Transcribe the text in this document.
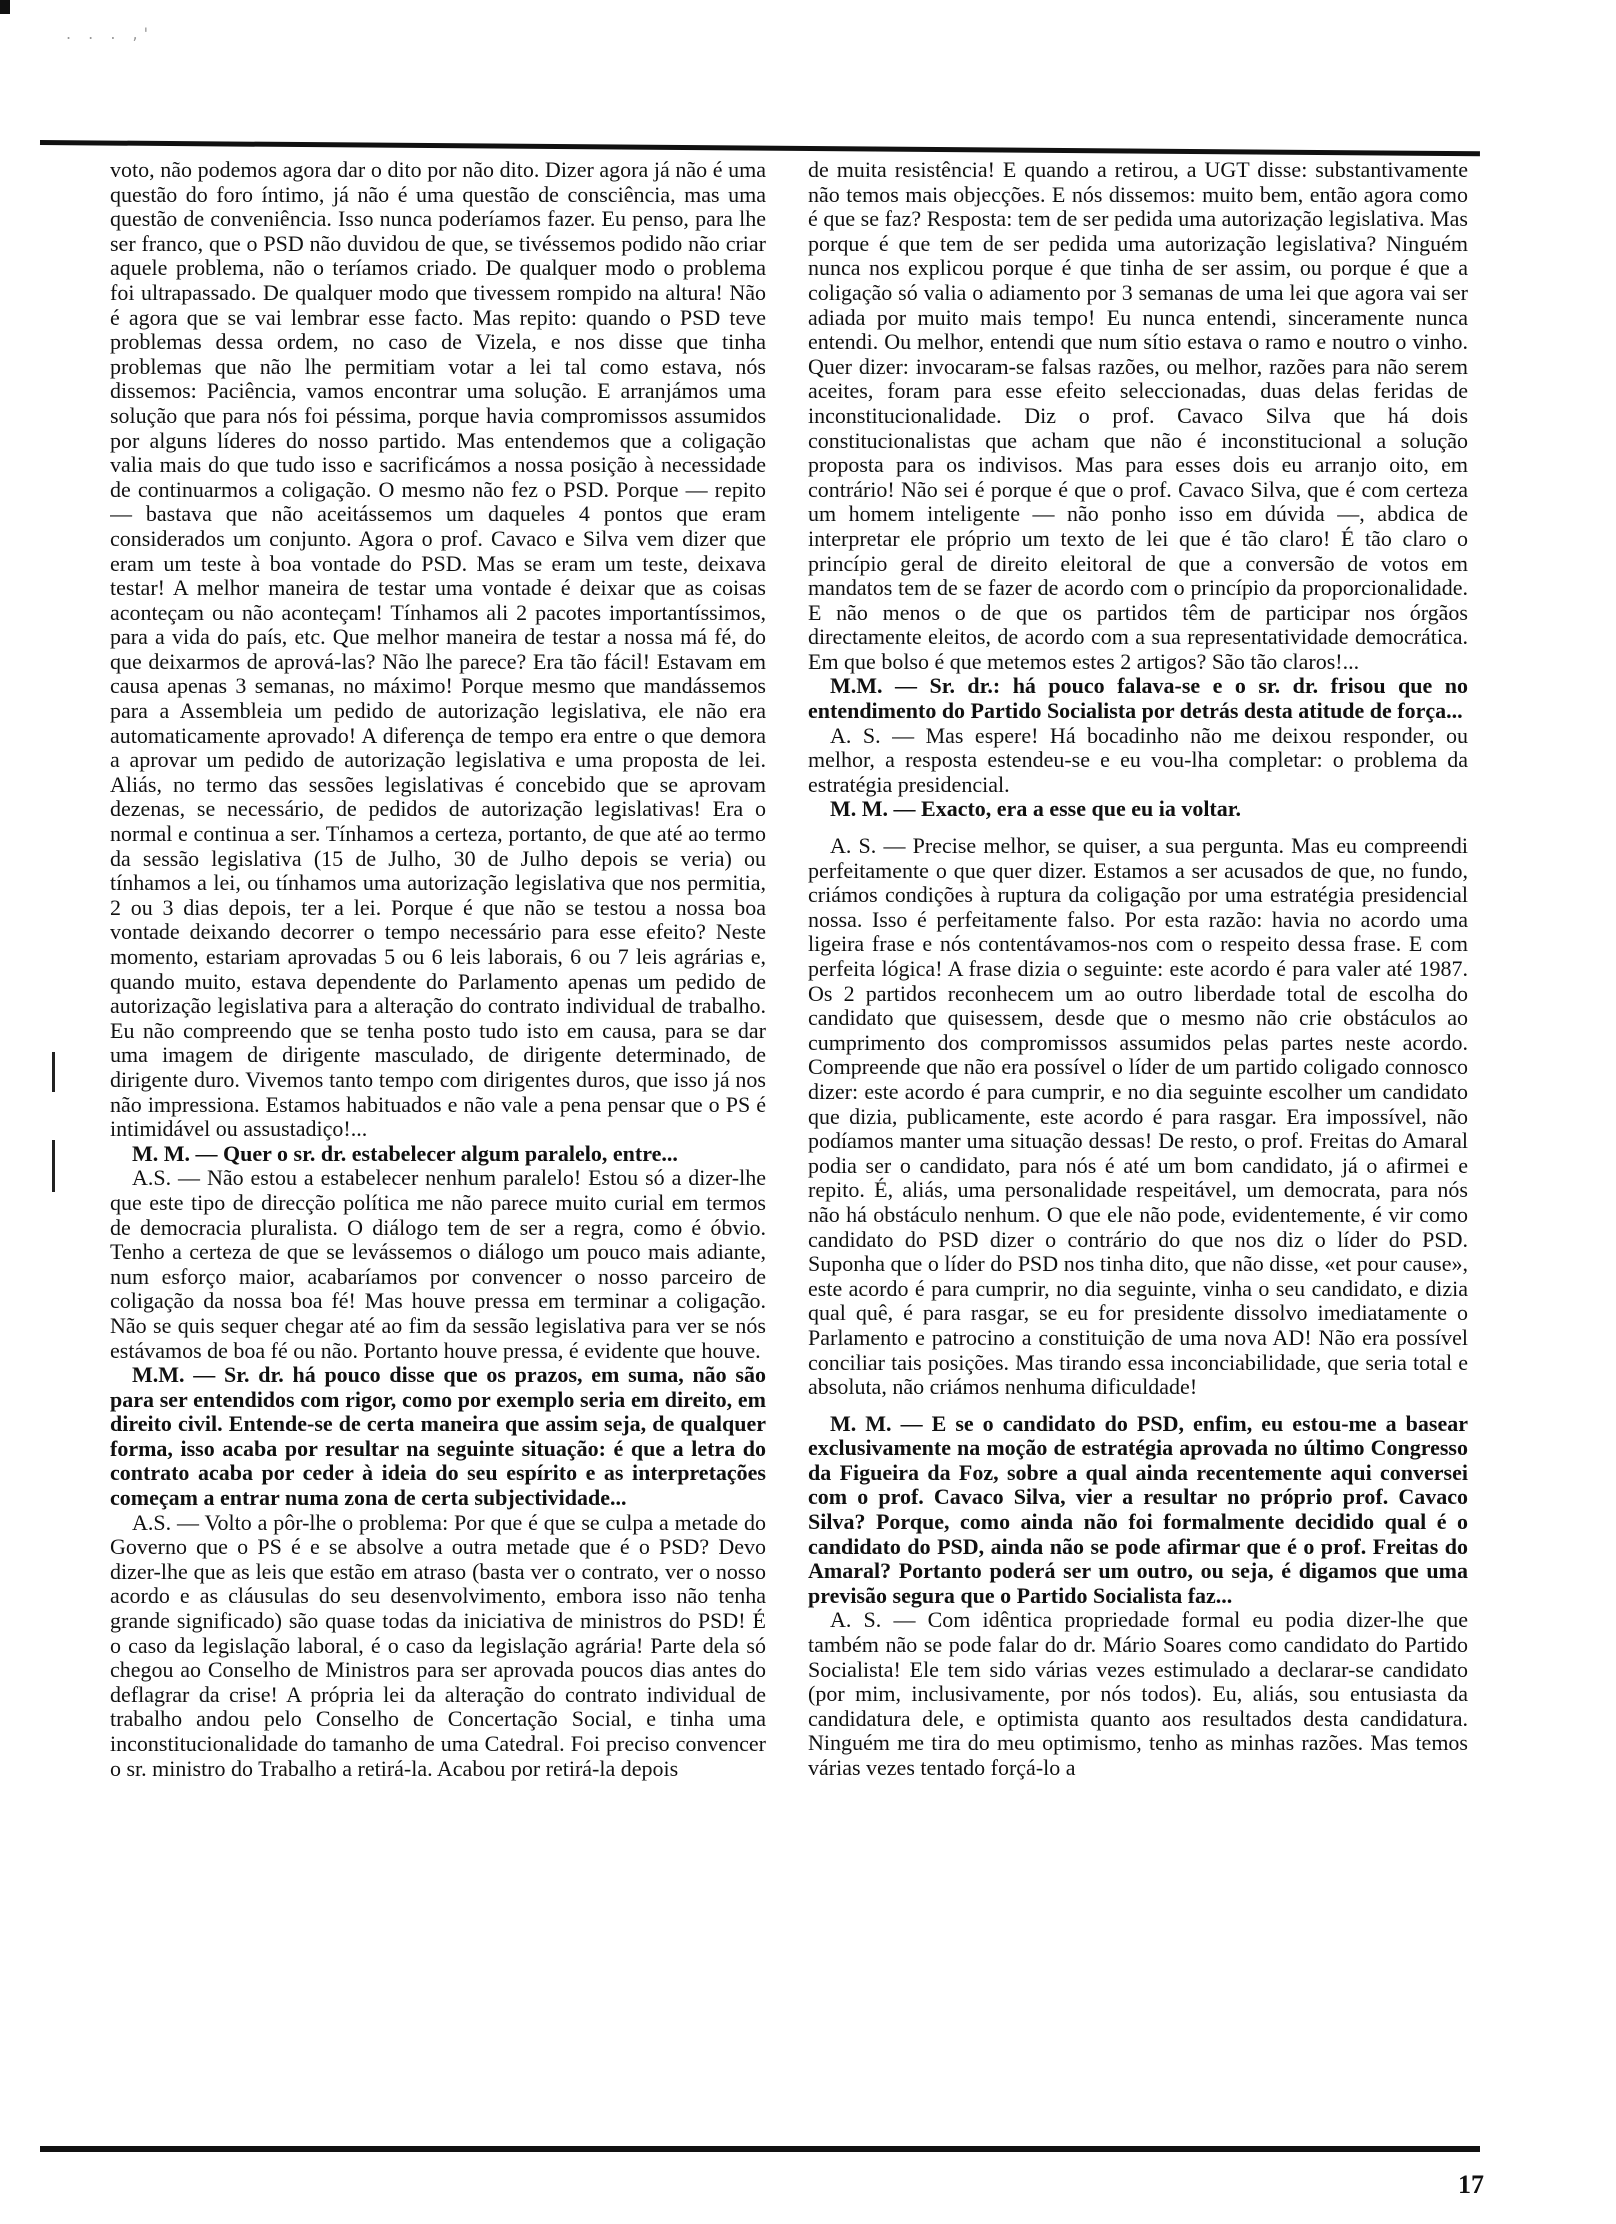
. . . ,'

voto, não podemos agora dar o dito por não dito. Dizer agora já não é uma questão do foro íntimo, já não é uma questão de consciência, mas uma questão de conveniência. Isso nunca poderíamos fazer. Eu penso, para lhe ser franco, que o PSD não duvidou de que, se tivéssemos podido não criar aquele problema, não o teríamos criado. De qualquer modo o problema foi ultrapassado. De qualquer modo que tivessem rompido na altura! Não é agora que se vai lembrar esse facto. Mas repito: quando o PSD teve problemas dessa ordem, no caso de Vizela, e nos disse que tinha problemas que não lhe permitiam votar a lei tal como estava, nós dissemos: Paciência, vamos encontrar uma solução. E arranjámos uma solução que para nós foi péssima, porque havia compromissos assumidos por alguns líderes do nosso partido. Mas entendemos que a coligação valia mais do que tudo isso e sacrificámos a nossa posição à necessidade de continuarmos a coligação. O mesmo não fez o PSD. Porque — repito — bastava que não aceitássemos um daqueles 4 pontos que eram considerados um conjunto. Agora o prof. Cavaco e Silva vem dizer que eram um teste à boa vontade do PSD. Mas se eram um teste, deixava testar! A melhor maneira de testar uma vontade é deixar que as coisas aconteçam ou não aconteçam! Tínhamos ali 2 pacotes importantíssimos, para a vida do país, etc. Que melhor maneira de testar a nossa má fé, do que deixarmos de aprová-las? Não lhe parece? Era tão fácil! Estavam em causa apenas 3 semanas, no máximo! Porque mesmo que mandássemos para a Assembleia um pedido de autorização legislativa, ele não era automaticamente aprovado! A diferença de tempo era entre o que demora a aprovar um pedido de autorização legislativa e uma proposta de lei. Aliás, no termo das sessões legislativas é concebido que se aprovam dezenas, se necessário, de pedidos de autorização legislativas! Era o normal e continua a ser. Tínhamos a certeza, portanto, de que até ao termo da sessão legislativa (15 de Julho, 30 de Julho depois se veria) ou tínhamos a lei, ou tínhamos uma autorização legislativa que nos permitia, 2 ou 3 dias depois, ter a lei. Porque é que não se testou a nossa boa vontade deixando decorrer o tempo necessário para esse efeito? Neste momento, estariam aprovadas 5 ou 6 leis laborais, 6 ou 7 leis agrárias e, quando muito, estava dependente do Parlamento apenas um pedido de autorização legislativa para a alteração do contrato individual de trabalho. Eu não compreendo que se tenha posto tudo isto em causa, para se dar uma imagem de dirigente masculado, de dirigente determinado, de dirigente duro. Vivemos tanto tempo com dirigentes duros, que isso já nos não impressiona. Estamos habituados e não vale a pena pensar que o PS é intimidável ou assustadiço!...

M. M. — Quer o sr. dr. estabelecer algum paralelo, entre...

A.S. — Não estou a estabelecer nenhum paralelo! Estou só a dizer-lhe que este tipo de direcção política me não parece muito curial em termos de democracia pluralista. O diálogo tem de ser a regra, como é óbvio. Tenho a certeza de que se levássemos o diálogo um pouco mais adiante, num esforço maior, acabaríamos por convencer o nosso parceiro de coligação da nossa boa fé! Mas houve pressa em terminar a coligação. Não se quis sequer chegar até ao fim da sessão legislativa para ver se nós estávamos de boa fé ou não. Portanto houve pressa, é evidente que houve.

M.M. — Sr. dr. há pouco disse que os prazos, em suma, não são para ser entendidos com rigor, como por exemplo seria em direito, em direito civil. Entende-se de certa maneira que assim seja, de qualquer forma, isso acaba por resultar na seguinte situação: é que a letra do contrato acaba por ceder à ideia do seu espírito e as interpretações começam a entrar numa zona de certa subjectividade...

A.S. — Volto a pôr-lhe o problema: Por que é que se culpa a metade do Governo que o PS é e se absolve a outra metade que é o PSD? Devo dizer-lhe que as leis que estão em atraso (basta ver o contrato, ver o nosso acordo e as cláusulas do seu desenvolvimento, embora isso não tenha grande significado) são quase todas da iniciativa de ministros do PSD! É o caso da legislação laboral, é o caso da legislação agrária! Parte dela só chegou ao Conselho de Ministros para ser aprovada poucos dias antes do deflagrar da crise! A própria lei da alteração do contrato individual de trabalho andou pelo Conselho de Concertação Social, e tinha uma inconstitucionalidade do tamanho de uma Catedral. Foi preciso convencer o sr. ministro do Trabalho a retirá-la. Acabou por retirá-la depois

de muita resistência! E quando a retirou, a UGT disse: substantivamente não temos mais objecções. E nós dissemos: muito bem, então agora como é que se faz? Resposta: tem de ser pedida uma autorização legislativa. Mas porque é que tem de ser pedida uma autorização legislativa? Ninguém nunca nos explicou porque é que tinha de ser assim, ou porque é que a coligação só valia o adiamento por 3 semanas de uma lei que agora vai ser adiada por muito mais tempo! Eu nunca entendi, sinceramente nunca entendi. Ou melhor, entendi que num sítio estava o ramo e noutro o vinho. Quer dizer: invocaram-se falsas razões, ou melhor, razões para não serem aceites, foram para esse efeito seleccionadas, duas delas feridas de inconstitucionalidade. Diz o prof. Cavaco Silva que há dois constitucionalistas que acham que não é inconstitucional a solução proposta para os indivisos. Mas para esses dois eu arranjo oito, em contrário! Não sei é porque é que o prof. Cavaco Silva, que é com certeza um homem inteligente — não ponho isso em dúvida —, abdica de interpretar ele próprio um texto de lei que é tão claro! É tão claro o princípio geral de direito eleitoral de que a conversão de votos em mandatos tem de se fazer de acordo com o princípio da proporcionalidade. E não menos o de que os partidos têm de participar nos órgãos directamente eleitos, de acordo com a sua representatividade democrática. Em que bolso é que metemos estes 2 artigos? São tão claros!...

M.M. — Sr. dr.: há pouco falava-se e o sr. dr. frisou que no entendimento do Partido Socialista por detrás desta atitude de força...

A. S. — Mas espere! Há bocadinho não me deixou responder, ou melhor, a resposta estendeu-se e eu vou-lha completar: o problema da estratégia presidencial.

M. M. — Exacto, era a esse que eu ia voltar.

A. S. — Precise melhor, se quiser, a sua pergunta. Mas eu compreendi perfeitamente o que quer dizer. Estamos a ser acusados de que, no fundo, criámos condições à ruptura da coligação por uma estratégia presidencial nossa. Isso é perfeitamente falso. Por esta razão: havia no acordo uma ligeira frase e nós contentávamos-nos com o respeito dessa frase. E com perfeita lógica! A frase dizia o seguinte: este acordo é para valer até 1987. Os 2 partidos reconhecem um ao outro liberdade total de escolha do candidato que quisessem, desde que o mesmo não crie obstáculos ao cumprimento dos compromissos assumidos pelas partes neste acordo. Compreende que não era possível o líder de um partido coligado connosco dizer: este acordo é para cumprir, e no dia seguinte escolher um candidato que dizia, publicamente, este acordo é para rasgar. Era impossível, não podíamos manter uma situação dessas! De resto, o prof. Freitas do Amaral podia ser o candidato, para nós é até um bom candidato, já o afirmei e repito. É, aliás, uma personalidade respeitável, um democrata, para nós não há obstáculo nenhum. O que ele não pode, evidentemente, é vir como candidato do PSD dizer o contrário do que nos diz o líder do PSD. Suponha que o líder do PSD nos tinha dito, que não disse, «et pour cause», este acordo é para cumprir, no dia seguinte, vinha o seu candidato, e dizia qual quê, é para rasgar, se eu for presidente dissolvo imediatamente o Parlamento e patrocino a constituição de uma nova AD! Não era possível conciliar tais posições. Mas tirando essa inconciabilidade, que seria total e absoluta, não criámos nenhuma dificuldade!

M. M. — E se o candidato do PSD, enfim, eu estou-me a basear exclusivamente na moção de estratégia aprovada no último Congresso da Figueira da Foz, sobre a qual ainda recentemente aqui conversei com o prof. Cavaco Silva, vier a resultar no próprio prof. Cavaco Silva? Porque, como ainda não foi formalmente decidido qual é o candidato do PSD, ainda não se pode afirmar que é o prof. Freitas do Amaral? Portanto poderá ser um outro, ou seja, é digamos que uma previsão segura que o Partido Socialista faz...

A. S. — Com idêntica propriedade formal eu podia dizer-lhe que também não se pode falar do dr. Mário Soares como candidato do Partido Socialista! Ele tem sido várias vezes estimulado a declarar-se candidato (por mim, inclusivamente, por nós todos). Eu, aliás, sou entusiasta da candidatura dele, e optimista quanto aos resultados desta candidatura. Ninguém me tira do meu optimismo, tenho as minhas razões. Mas temos várias vezes tentado forçá-lo a

17
